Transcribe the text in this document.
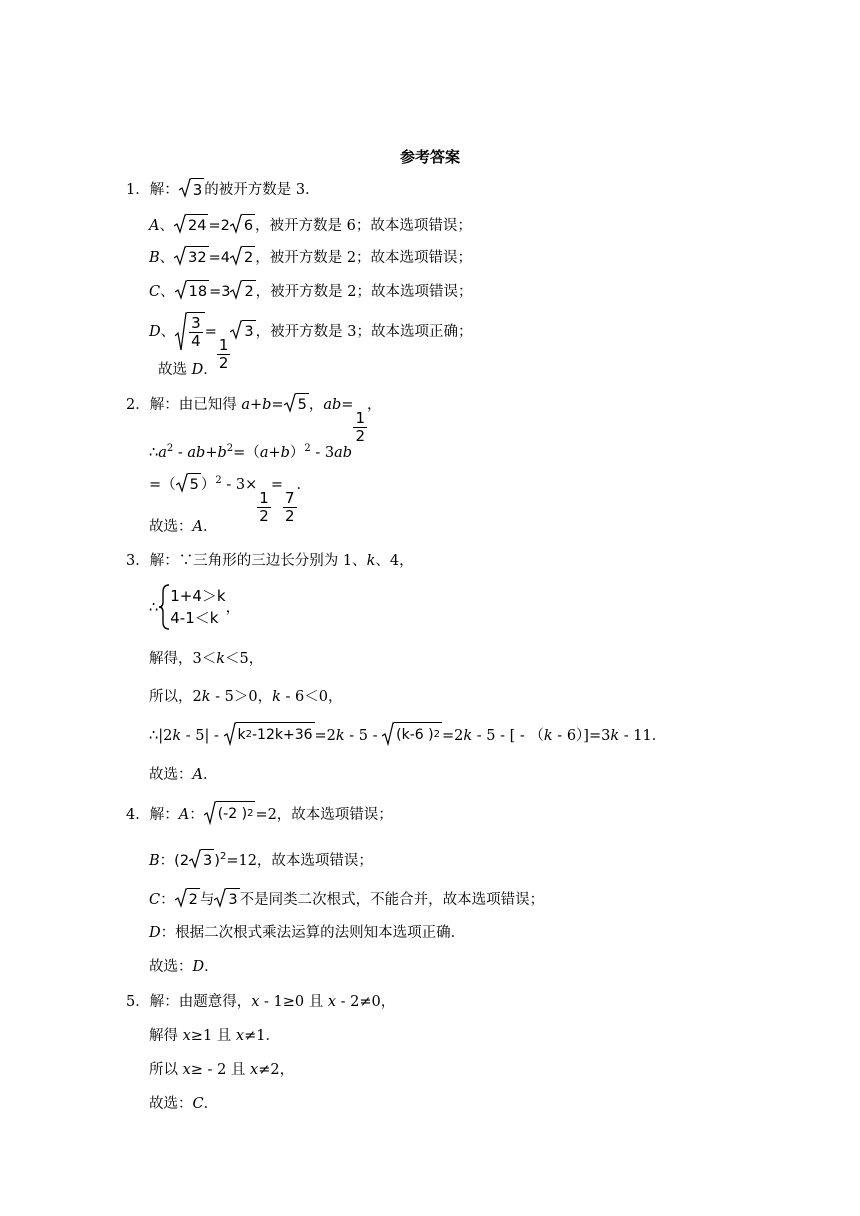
参考答案
1．解： 3 的被开方数是 3．
A、 24 =2 6 ，被开方数是 6；故本选项错误；
B、 32 =4 2 ，被开方数是 2；故本选项错误；
C、 18 =3 2 ，被开方数是 2；故本选项错误；
D、 $\frac{3}{4}$ =
$\frac{1}{2}$
3 ，被开方数是 3；故本选项正确；
故选 D．
2．解：由已知得 a+b= 5 ，ab=
$\frac{1}{2}$
，
$\therefore a^2 - ab+b^2=(a+b)^2 - 3ab$
=（ 5 ）$^2$ - 3×
$\frac{1}{2}$
=
$\frac{7}{2}$
．
故选：A．
3．解：∵三角形的三边长分别为 1、k、4，
∴
1+4＞k
4-1＜k
，
解得，3＜k＜5，
所以，2k - 5＞0，k - 6＜0，
∴|2k - 5| - k 2 -12k+36 =2k - 5 - (k-6 ) 2 =2k - 5 - [ - （k - 6）]=3k - 11．
故选：A．
4．解：A： (-2 ) 2 =2，故本选项错误；
B：(2 3 )$^2$=12，故本选项错误；
C： 2 与 3 不是同类二次根式，不能合并，故本选项错误；
D：根据二次根式乘法运算的法则知本选项正确．
故选：D．
5．解：由题意得，x - 1≥0 且 x - 2≠0，
解得 x≥1 且 x≠1．
所以 x≥ - 2 且 x≠2，
故选：C．
